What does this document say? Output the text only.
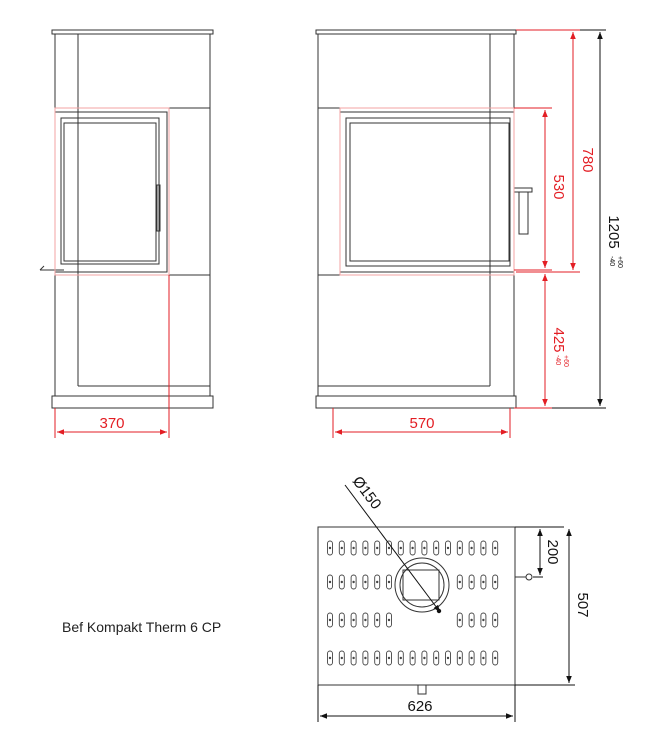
370	570
780
530
425
+60
-40
1205
+60
-40
Ø150
200
507
626
Bef Kompakt Therm 6 CP
